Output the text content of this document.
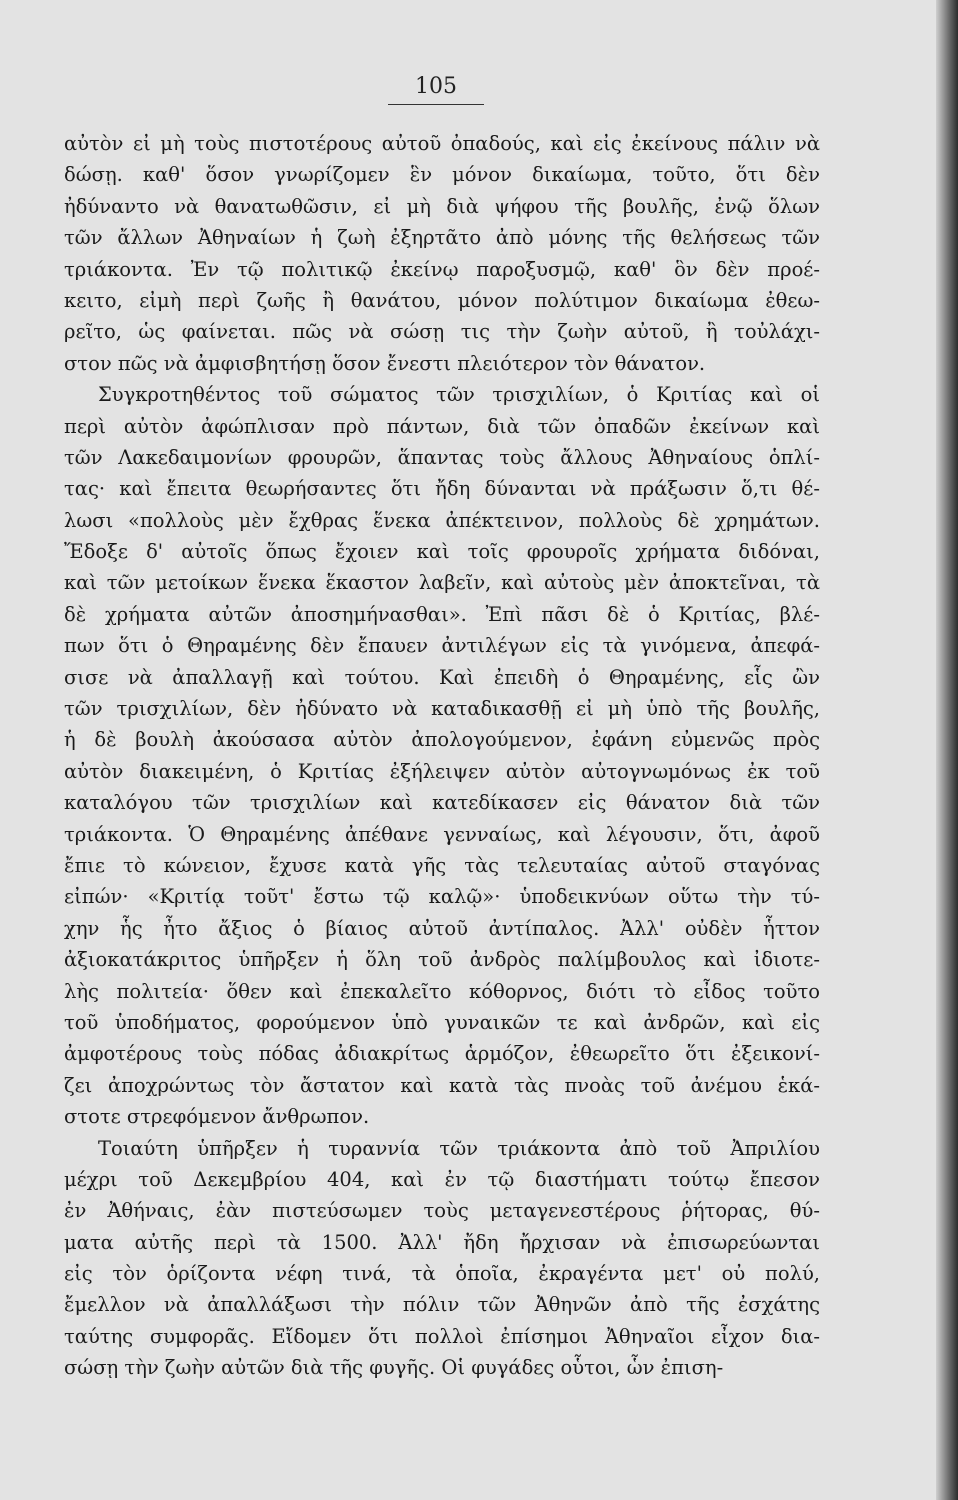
105
αὐτὸν εἰ μὴ τοὺς πιστοτέρους αὐτοῦ ὀπαδούς, καὶ εἰς ἐκείνους πάλιν νὰ
δώσῃ. καθ' ὅσον γνωρίζομεν ἓν μόνον δικαίωμα, τοῦτο, ὅτι δὲν
ἠδύναντο νὰ θανατωθῶσιν, εἰ μὴ διὰ ψήφου τῆς βουλῆς, ἐνῷ ὅλων
τῶν ἄλλων Ἀθηναίων ἡ ζωὴ ἐξηρτᾶτο ἀπὸ μόνης τῆς θελήσεως τῶν
τριάκοντα. Ἐν τῷ πολιτικῷ ἐκείνῳ παροξυσμῷ, καθ' ὃν δὲν προέ-
κειτο, εἰμὴ περὶ ζωῆς ἢ θανάτου, μόνον πολύτιμον δικαίωμα ἐθεω-
ρεῖτο, ὡς φαίνεται. πῶς νὰ σώσῃ τις τὴν ζωὴν αὐτοῦ, ἢ τοὐλάχι-
στον πῶς νὰ ἀμφισβητήσῃ ὅσον ἔνεστι πλειότερον τὸν θάνατον.
Συγκροτηθέντος τοῦ σώματος τῶν τρισχιλίων, ὁ Κριτίας καὶ οἱ
περὶ αὐτὸν ἀφώπλισαν πρὸ πάντων, διὰ τῶν ὀπαδῶν ἐκείνων καὶ
τῶν Λακεδαιμονίων φρουρῶν, ἅπαντας τοὺς ἄλλους Ἀθηναίους ὁπλί-
τας· καὶ ἔπειτα θεωρήσαντες ὅτι ἤδη δύνανται νὰ πράξωσιν ὅ,τι θέ-
λωσι «πολλοὺς μὲν ἔχθρας ἕνεκα ἀπέκτεινον, πολλοὺς δὲ χρημάτων.
Ἔδοξε δ' αὐτοῖς ὅπως ἔχοιεν καὶ τοῖς φρουροῖς χρήματα διδόναι,
καὶ τῶν μετοίκων ἕνεκα ἕκαστον λαβεῖν, καὶ αὐτοὺς μὲν ἀποκτεῖναι, τὰ
δὲ χρήματα αὐτῶν ἀποσημήνασθαι». Ἐπὶ πᾶσι δὲ ὁ Κριτίας, βλέ-
πων ὅτι ὁ Θηραμένης δὲν ἔπαυεν ἀντιλέγων εἰς τὰ γινόμενα, ἀπεφά-
σισε νὰ ἀπαλλαγῇ καὶ τούτου. Καὶ ἐπειδὴ ὁ Θηραμένης, εἷς ὢν
τῶν τρισχιλίων, δὲν ἠδύνατο νὰ καταδικασθῇ εἰ μὴ ὑπὸ τῆς βουλῆς,
ἡ δὲ βουλὴ ἀκούσασα αὐτὸν ἀπολογούμενον, ἐφάνη εὐμενῶς πρὸς
αὐτὸν διακειμένη, ὁ Κριτίας ἐξήλειψεν αὐτὸν αὐτογνωμόνως ἐκ τοῦ
καταλόγου τῶν τρισχιλίων καὶ κατεδίκασεν εἰς θάνατον διὰ τῶν
τριάκοντα. Ὁ Θηραμένης ἀπέθανε γενναίως, καὶ λέγουσιν, ὅτι, ἀφοῦ
ἔπιε τὸ κώνειον, ἔχυσε κατὰ γῆς τὰς τελευταίας αὐτοῦ σταγόνας
εἰπών· «Κριτίᾳ τοῦτ' ἔστω τῷ καλῷ»· ὑποδεικνύων οὕτω τὴν τύ-
χην ἧς ἦτο ἄξιος ὁ βίαιος αὐτοῦ ἀντίπαλος. Ἀλλ' οὐδὲν ἧττον
ἀξιοκατάκριτος ὑπῆρξεν ἡ ὅλη τοῦ ἀνδρὸς παλίμβουλος καὶ ἰδιοτε-
λὴς πολιτεία· ὅθεν καὶ ἐπεκαλεῖτο κόθορνος, διότι τὸ εἶδος τοῦτο
τοῦ ὑποδήματος, φορούμενον ὑπὸ γυναικῶν τε καὶ ἀνδρῶν, καὶ εἰς
ἀμφοτέρους τοὺς πόδας ἀδιακρίτως ἁρμόζον, ἐθεωρεῖτο ὅτι ἐξεικονί-
ζει ἀποχρώντως τὸν ἄστατον καὶ κατὰ τὰς πνοὰς τοῦ ἀνέμου ἑκά-
στοτε στρεφόμενον ἄνθρωπον.
Τοιαύτη ὑπῆρξεν ἡ τυραννία τῶν τριάκοντα ἀπὸ τοῦ Ἀπριλίου
μέχρι τοῦ Δεκεμβρίου 404, καὶ ἐν τῷ διαστήματι τούτῳ ἔπεσον
ἐν Ἀθήναις, ἐὰν πιστεύσωμεν τοὺς μεταγενεστέρους ῥήτορας, θύ-
ματα αὐτῆς περὶ τὰ 1500. Ἀλλ' ἤδη ἤρχισαν νὰ ἐπισωρεύωνται
εἰς τὸν ὁρίζοντα νέφη τινά, τὰ ὁποῖα, ἐκραγέντα μετ' οὐ πολύ,
ἔμελλον νὰ ἀπαλλάξωσι τὴν πόλιν τῶν Ἀθηνῶν ἀπὸ τῆς ἐσχάτης
ταύτης συμφορᾶς. Εἴδομεν ὅτι πολλοὶ ἐπίσημοι Ἀθηναῖοι εἶχον δια-
σώσῃ τὴν ζωὴν αὐτῶν διὰ τῆς φυγῆς. Οἱ φυγάδες οὗτοι, ὧν ἐπιση-
